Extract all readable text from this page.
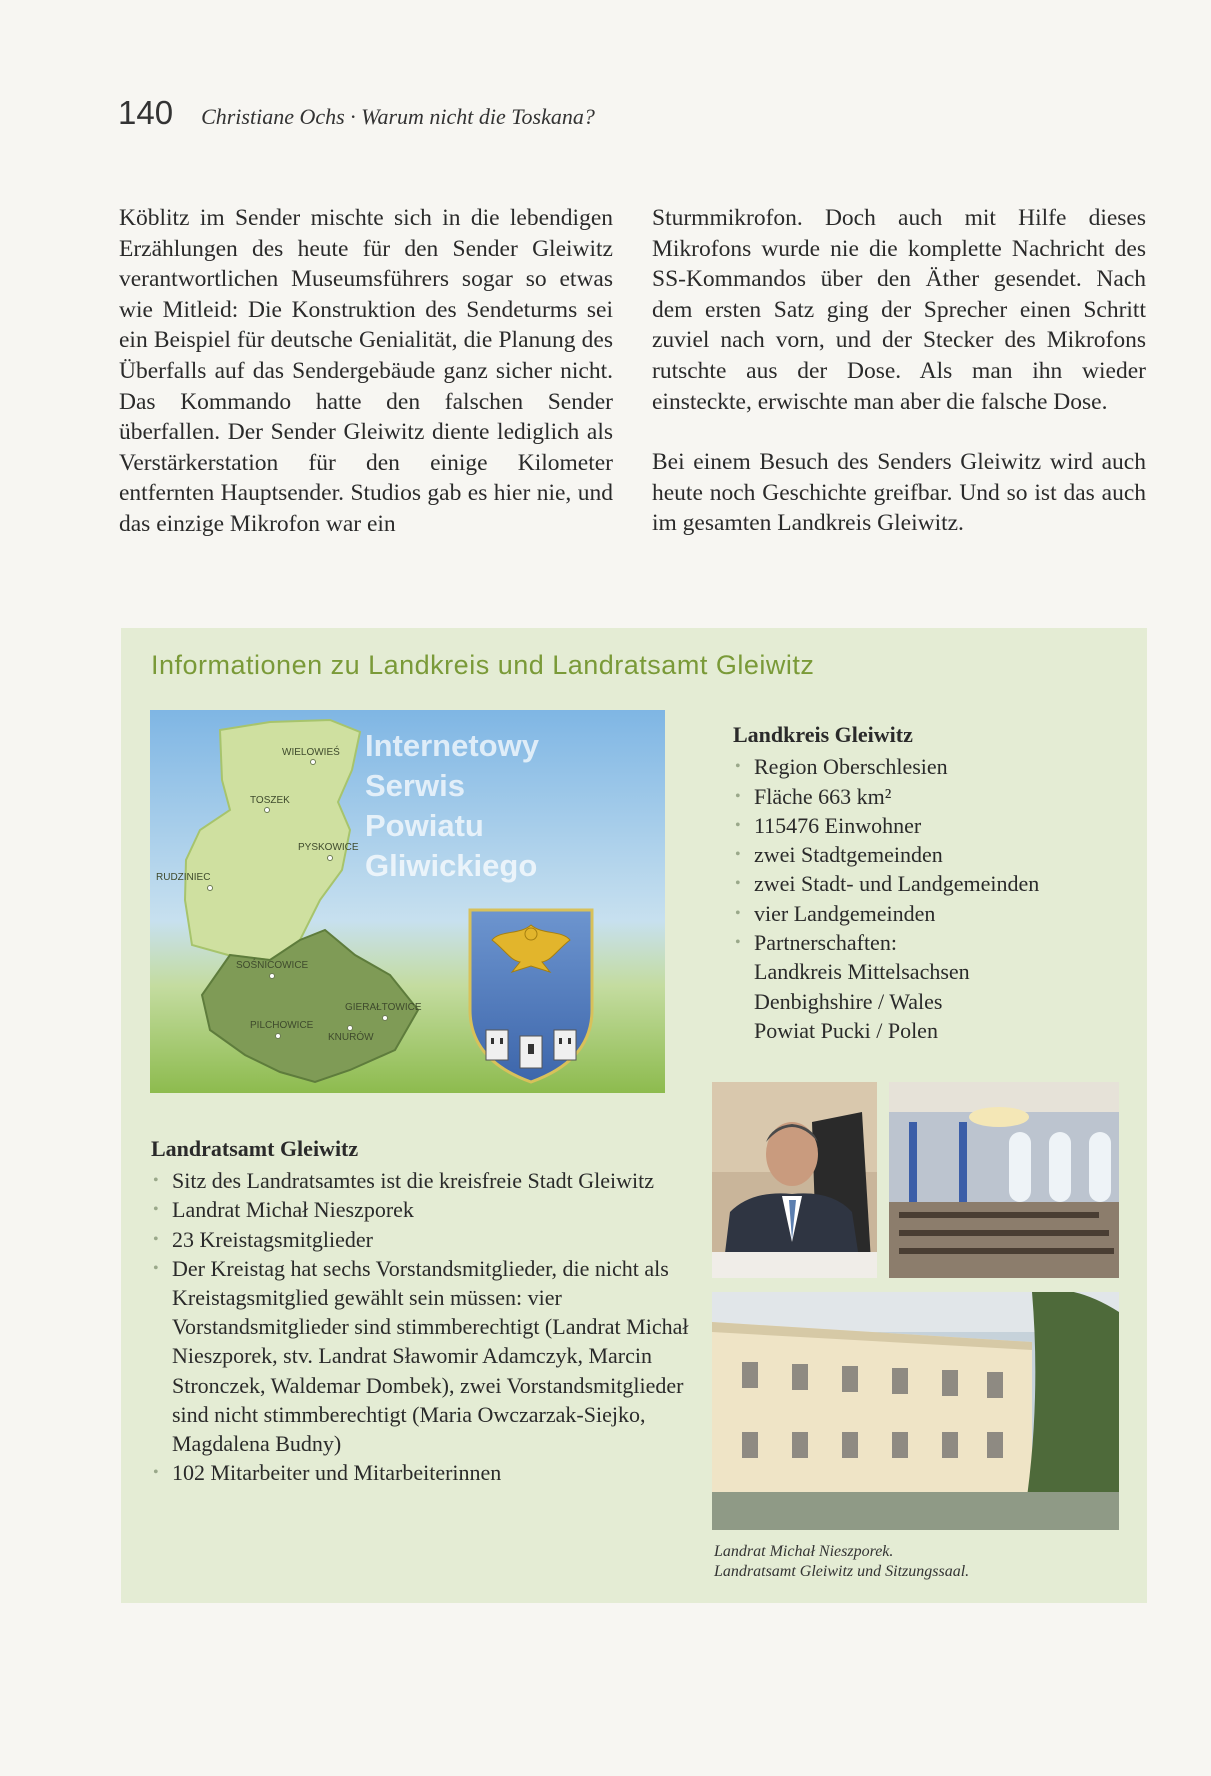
140 Christiane Ochs · Warum nicht die Toskana?

Köblitz im Sender mischte sich in die lebendigen Erzählungen des heute für den Sender Gleiwitz verantwortlichen Museumsführers sogar so etwas wie Mitleid: Die Konstruktion des Sendeturms sei ein Beispiel für deutsche Genialität, die Planung des Überfalls auf das Sendergebäude ganz sicher nicht. Das Kommando hatte den falschen Sender überfallen. Der Sender Gleiwitz diente lediglich als Verstärkerstation für den einige Kilometer entfernten Hauptsender. Studios gab es hier nie, und das einzige Mikrofon war ein

Sturmmikrofon. Doch auch mit Hilfe dieses Mikrofons wurde nie die komplette Nachricht des SS-Kommandos über den Äther gesendet. Nach dem ersten Satz ging der Sprecher einen Schritt zuviel nach vorn, und der Stecker des Mikrofons rutschte aus der Dose. Als man ihn wieder einsteckte, erwischte man aber die falsche Dose.

Bei einem Besuch des Senders Gleiwitz wird auch heute noch Geschichte greifbar. Und so ist das auch im gesamten Landkreis Gleiwitz.

Informationen zu Landkreis und Landratsamt Gleiwitz
WIELOWIEŚ
TOSZEK
PYSKOWICE
RUDZINIEC
SOŚNICOWICE
GIERAŁTOWICE
PILCHOWICE
KNURÓW
Internetowy
Serwis
Powiatu
Gliwickiego
Landkreis Gleiwitz
• Region Oberschlesien
• Fläche 663 km²
• 115476 Einwohner
• zwei Stadtgemeinden
• zwei Stadt- und Landgemeinden
• vier Landgemeinden
• Partnerschaften:
Landkreis Mittelsachsen
Denbighshire / Wales
Powiat Pucki / Polen
Landratsamt Gleiwitz
• Sitz des Landratsamtes ist die kreisfreie Stadt Gleiwitz
• Landrat Michał Nieszporek
• 23 Kreistagsmitglieder
• Der Kreistag hat sechs Vorstandsmitglieder, die nicht als Kreistagsmitglied gewählt sein müssen: vier Vorstandsmitglieder sind stimmberechtigt (Landrat Michał Nieszporek, stv. Landrat Sławomir Adamczyk, Marcin Stronczek, Waldemar Dombek), zwei Vorstandsmitglieder sind nicht stimmberechtigt (Maria Owczarzak-Siejko, Magdalena Budny)
• 102 Mitarbeiter und Mitarbeiterinnen
Landrat Michał Nieszporek.
Landratsamt Gleiwitz und Sitzungssaal.
